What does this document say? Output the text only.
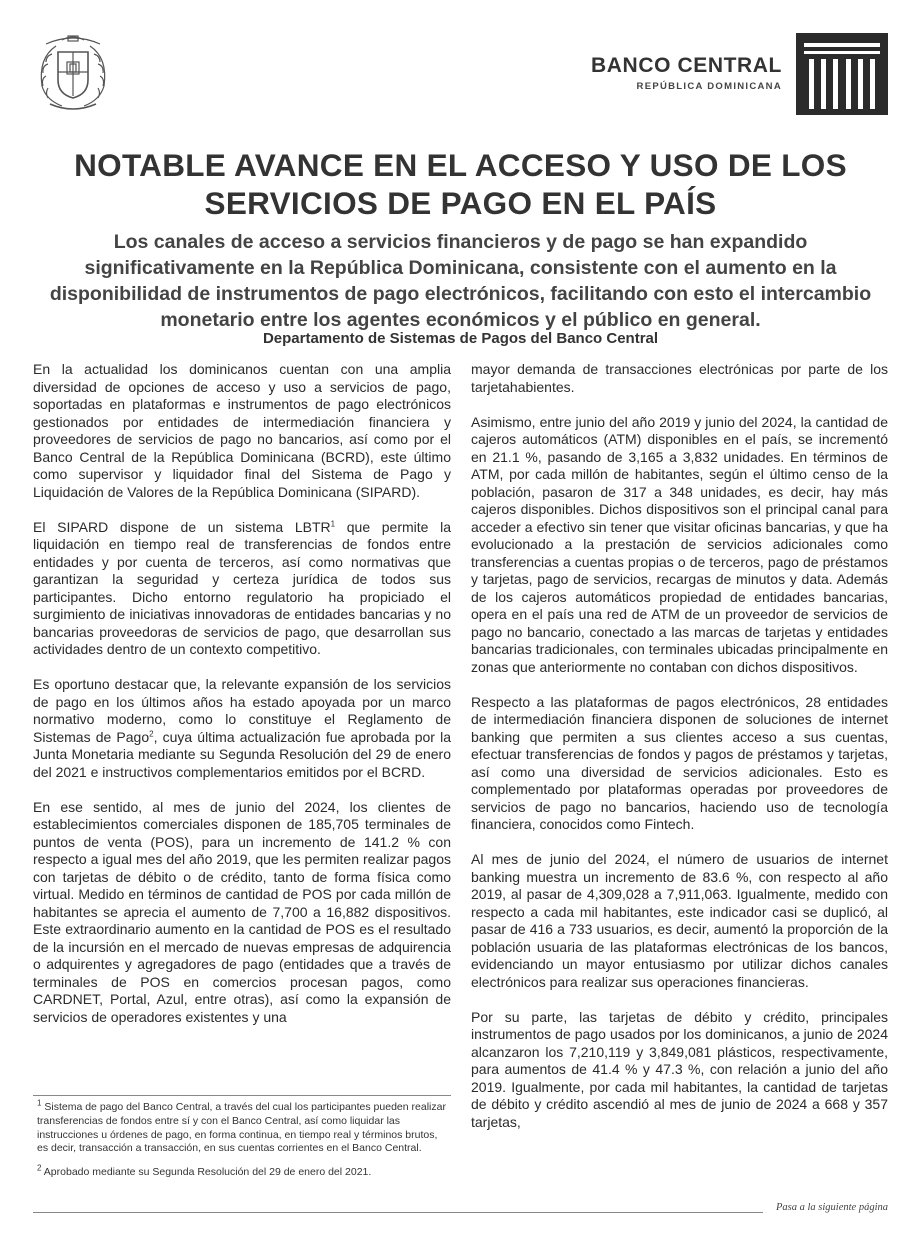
BANCO CENTRAL
REPÚBLICA DOMINICANA
NOTABLE AVANCE EN EL ACCESO Y USO DE LOS
SERVICIOS DE PAGO EN EL PAÍS

Los canales de acceso a servicios financieros y de pago se han expandido significativamente en la República Dominicana, consistente con el aumento en la disponibilidad de instrumentos de pago electrónicos, facilitando con esto el intercambio monetario entre los agentes económicos y el público en general.

Departamento de Sistemas de Pagos del Banco Central

En la actualidad los dominicanos cuentan con una amplia diversidad de opciones de acceso y uso a servicios de pago, soportadas en plataformas e instrumentos de pago electrónicos gestionados por entidades de intermediación financiera y proveedores de servicios de pago no bancarios, así como por el Banco Central de la República Dominicana (BCRD), este último como supervisor y liquidador final del Sistema de Pago y Liquidación de Valores de la República Dominicana (SIPARD).

El SIPARD dispone de un sistema LBTR$^1$ que permite la liquidación en tiempo real de transferencias de fondos entre entidades y por cuenta de terceros, así como normativas que garantizan la seguridad y certeza jurídica de todos sus participantes. Dicho entorno regulatorio ha propiciado el surgimiento de iniciativas innovadoras de entidades bancarias y no bancarias proveedoras de servicios de pago, que desarrollan sus actividades dentro de un contexto competitivo.

Es oportuno destacar que, la relevante expansión de los servicios de pago en los últimos años ha estado apoyada por un marco normativo moderno, como lo constituye el Reglamento de Sistemas de Pago$^2$, cuya última actualización fue aprobada por la Junta Monetaria mediante su Segunda Resolución del 29 de enero del 2021 e instructivos complementarios emitidos por el BCRD.

En ese sentido, al mes de junio del 2024, los clientes de establecimientos comerciales disponen de 185,705 terminales de puntos de venta (POS), para un incremento de 141.2 % con respecto a igual mes del año 2019, que les permiten realizar pagos con tarjetas de débito o de crédito, tanto de forma física como virtual. Medido en términos de cantidad de POS por cada millón de habitantes se aprecia el aumento de 7,700 a 16,882 dispositivos. Este extraordinario aumento en la cantidad de POS es el resultado de la incursión en el mercado de nuevas empresas de adquirencia o adquirentes y agregadores de pago (entidades que a través de terminales de POS en comercios procesan pagos, como CARDNET, Portal, Azul, entre otras), así como la expansión de servicios de operadores existentes y una

$^1$ Sistema de pago del Banco Central, a través del cual los participantes pueden realizar transferencias de fondos entre sí y con el Banco Central, así como liquidar las instrucciones u órdenes de pago, en forma continua, en tiempo real y términos brutos, es decir, transacción a transacción, en sus cuentas corrientes en el Banco Central.

$^2$ Aprobado mediante su Segunda Resolución del 29 de enero del 2021.

mayor demanda de transacciones electrónicas por parte de los tarjetahabientes.

Asimismo, entre junio del año 2019 y junio del 2024, la cantidad de cajeros automáticos (ATM) disponibles en el país, se incrementó en 21.1 %, pasando de 3,165 a 3,832 unidades. En términos de ATM, por cada millón de habitantes, según el último censo de la población, pasaron de 317 a 348 unidades, es decir, hay más cajeros disponibles. Dichos dispositivos son el principal canal para acceder a efectivo sin tener que visitar oficinas bancarias, y que ha evolucionado a la prestación de servicios adicionales como transferencias a cuentas propias o de terceros, pago de préstamos y tarjetas, pago de servicios, recargas de minutos y data. Además de los cajeros automáticos propiedad de entidades bancarias, opera en el país una red de ATM de un proveedor de servicios de pago no bancario, conectado a las marcas de tarjetas y entidades bancarias tradicionales, con terminales ubicadas principalmente en zonas que anteriormente no contaban con dichos dispositivos.

Respecto a las plataformas de pagos electrónicos, 28 entidades de intermediación financiera disponen de soluciones de internet banking que permiten a sus clientes acceso a sus cuentas, efectuar transferencias de fondos y pagos de préstamos y tarjetas, así como una diversidad de servicios adicionales. Esto es complementado por plataformas operadas por proveedores de servicios de pago no bancarios, haciendo uso de tecnología financiera, conocidos como Fintech.

Al mes de junio del 2024, el número de usuarios de internet banking muestra un incremento de 83.6 %, con respecto al año 2019, al pasar de 4,309,028 a 7,911,063. Igualmente, medido con respecto a cada mil habitantes, este indicador casi se duplicó, al pasar de 416 a 733 usuarios, es decir, aumentó la proporción de la población usuaria de las plataformas electrónicas de los bancos, evidenciando un mayor entusiasmo por utilizar dichos canales electrónicos para realizar sus operaciones financieras.

Por su parte, las tarjetas de débito y crédito, principales instrumentos de pago usados por los dominicanos, a junio de 2024 alcanzaron los 7,210,119 y 3,849,081 plásticos, respectivamente, para aumentos de 41.4 % y 47.3 %, con relación a junio del año 2019. Igualmente, por cada mil habitantes, la cantidad de tarjetas de débito y crédito ascendió al mes de junio de 2024 a 668 y 357 tarjetas,

Pasa a la siguiente página
